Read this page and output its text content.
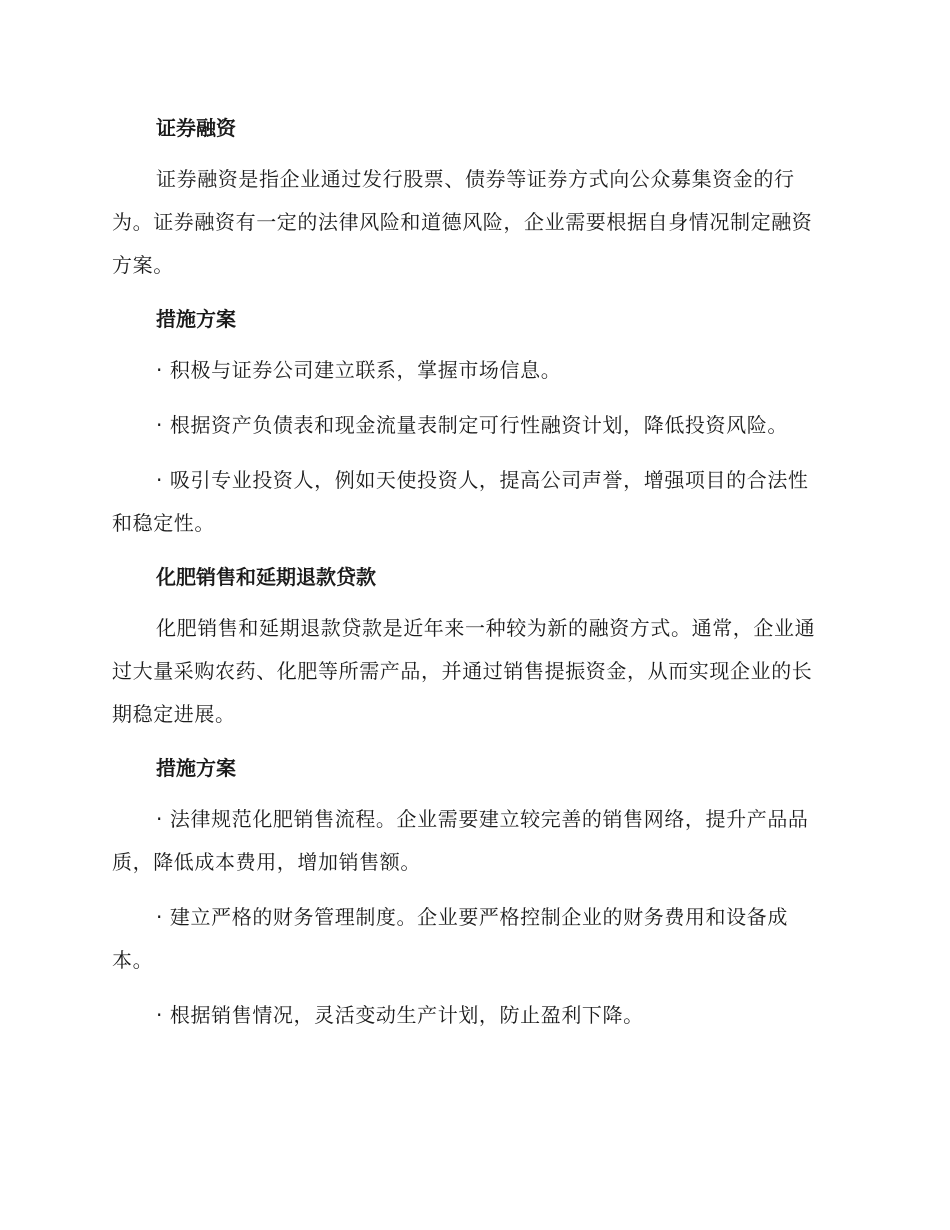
证券融资
证券融资是指企业通过发行股票、债券等证券方式向公众募集资金的行为。证券融资有一定的法律风险和道德风险，企业需要根据自身情况制定融资方案。
措施方案
· 积极与证券公司建立联系，掌握市场信息。
· 根据资产负债表和现金流量表制定可行性融资计划，降低投资风险。
· 吸引专业投资人，例如天使投资人，提高公司声誉，增强项目的合法性和稳定性。
化肥销售和延期退款贷款
化肥销售和延期退款贷款是近年来一种较为新的融资方式。通常，企业通过大量采购农药、化肥等所需产品，并通过销售提振资金，从而实现企业的长期稳定进展。
措施方案
· 法律规范化肥销售流程。企业需要建立较完善的销售网络，提升产品品质，降低成本费用，增加销售额。
· 建立严格的财务管理制度。企业要严格控制企业的财务费用和设备成本。
· 根据销售情况，灵活变动生产计划，防止盈利下降。
